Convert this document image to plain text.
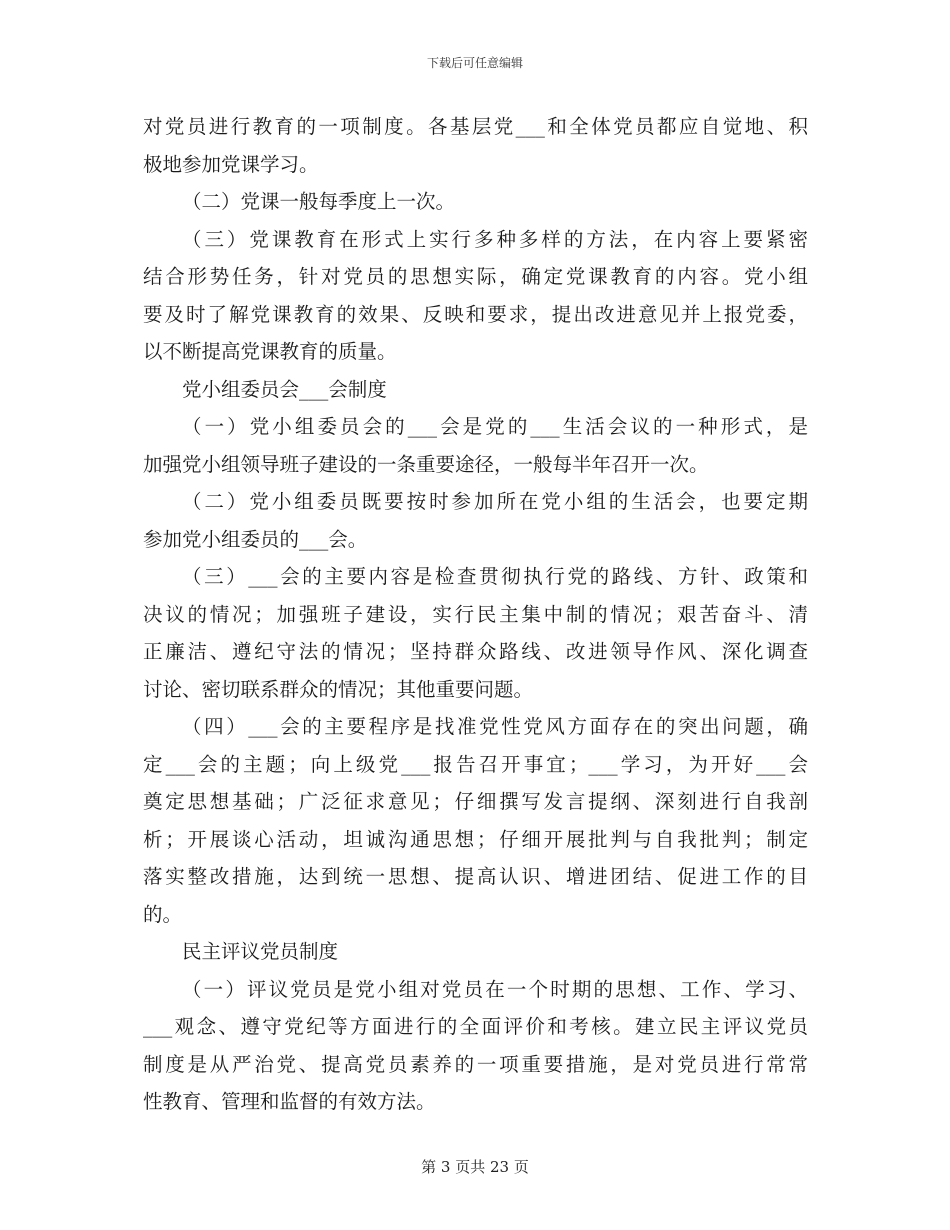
下载后可任意编辑
对党员进行教育的一项制度。各基层党___和全体党员都应自觉地、积
极地参加党课学习。
（二）党课一般每季度上一次。
（三）党课教育在形式上实行多种多样的方法，在内容上要紧密
结合形势任务，针对党员的思想实际，确定党课教育的内容。党小组
要及时了解党课教育的效果、反映和要求，提出改进意见并上报党委，
以不断提高党课教育的质量。
党小组委员会___会制度
（一）党小组委员会的___会是党的___生活会议的一种形式，是
加强党小组领导班子建设的一条重要途径，一般每半年召开一次。
（二）党小组委员既要按时参加所在党小组的生活会，也要定期
参加党小组委员的___会。
（三）___会的主要内容是检查贯彻执行党的路线、方针、政策和
决议的情况；加强班子建设，实行民主集中制的情况；艰苦奋斗、清
正廉洁、遵纪守法的情况；坚持群众路线、改进领导作风、深化调查
讨论、密切联系群众的情况；其他重要问题。
（四）___会的主要程序是找准党性党风方面存在的突出问题，确
定___会的主题；向上级党___报告召开事宜；___学习，为开好___会
奠定思想基础；广泛征求意见；仔细撰写发言提纲、深刻进行自我剖
析；开展谈心活动，坦诚沟通思想；仔细开展批判与自我批判；制定
落实整改措施，达到统一思想、提高认识、增进团结、促进工作的目
的。
民主评议党员制度
（一）评议党员是党小组对党员在一个时期的思想、工作、学习、
___观念、遵守党纪等方面进行的全面评价和考核。建立民主评议党员
制度是从严治党、提高党员素养的一项重要措施，是对党员进行常常
性教育、管理和监督的有效方法。
第 3 页共 23 页
